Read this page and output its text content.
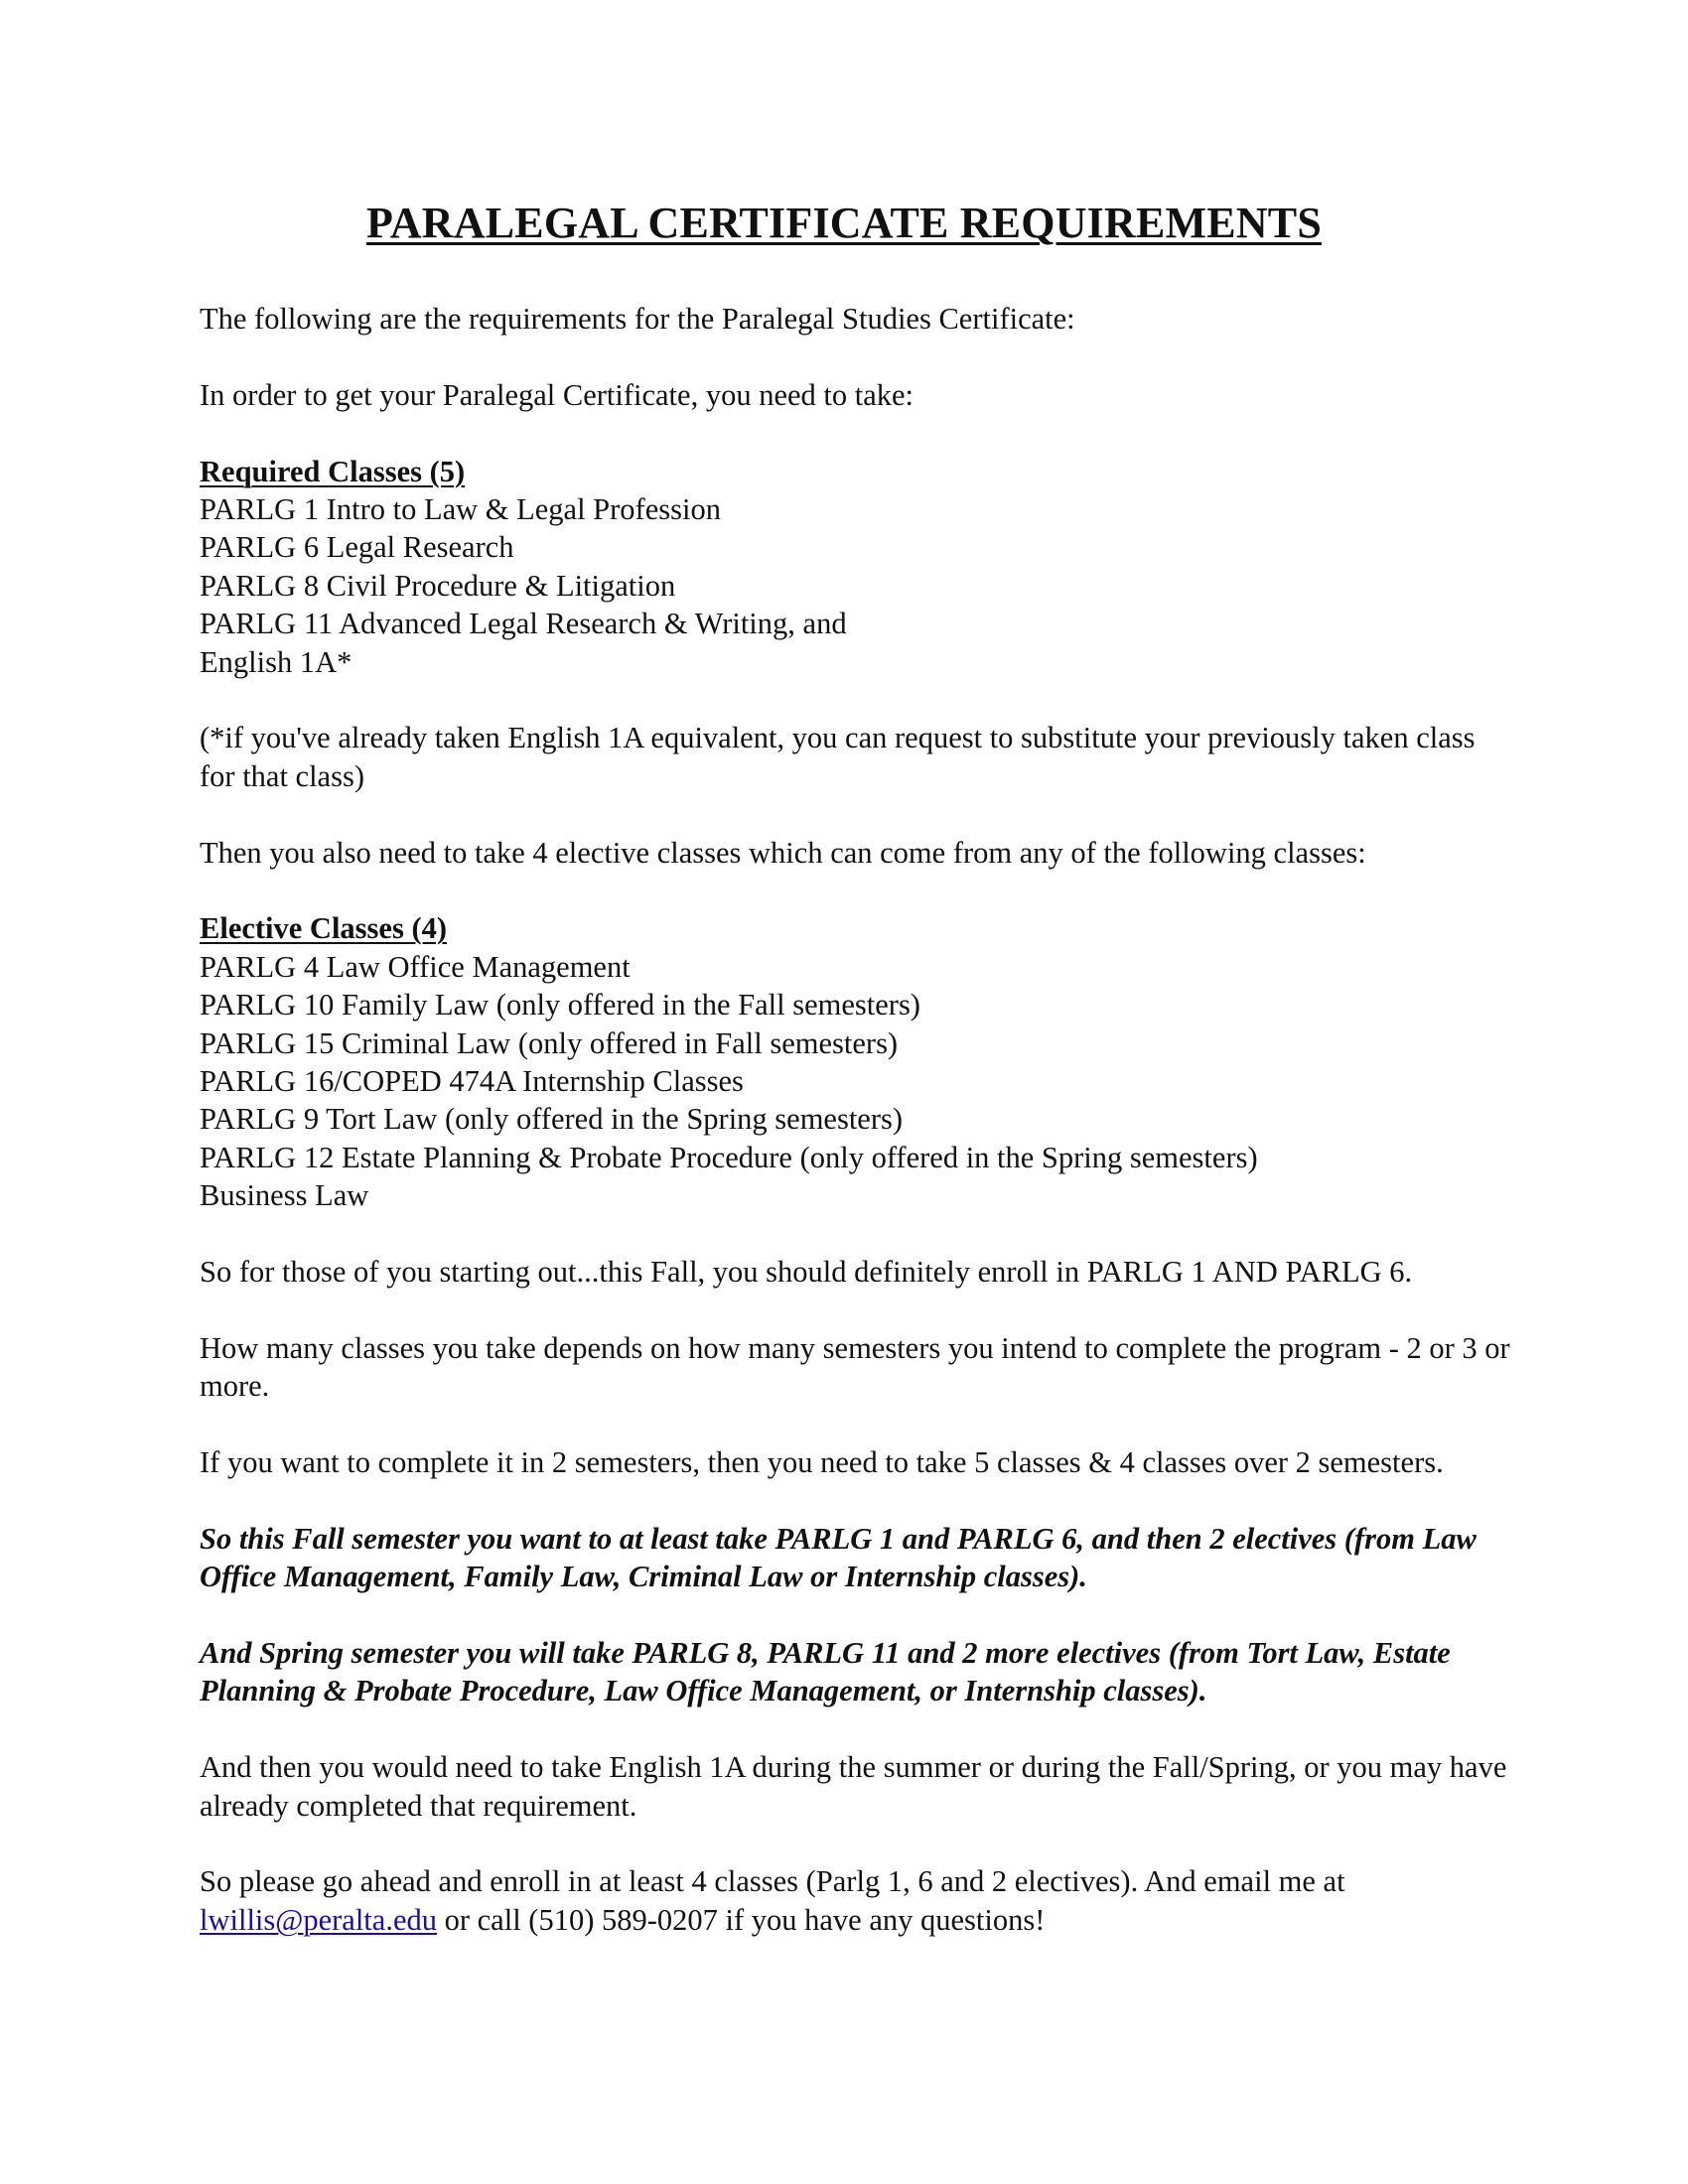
PARALEGAL CERTIFICATE REQUIREMENTS

The following are the requirements for the Paralegal Studies Certificate:

In order to get your Paralegal Certificate, you need to take:

Required Classes (5)

PARLG 1 Intro to Law & Legal Profession

PARLG 6 Legal Research

PARLG 8 Civil Procedure & Litigation

PARLG 11 Advanced Legal Research & Writing, and

English 1A*

(*if you've already taken English 1A equivalent, you can request to substitute your previously taken class for that class)

Then you also need to take 4 elective classes which can come from any of the following classes:

Elective Classes (4)

PARLG 4 Law Office Management

PARLG 10 Family Law (only offered in the Fall semesters)

PARLG 15 Criminal Law (only offered in Fall semesters)

PARLG 16/COPED 474A Internship Classes

PARLG 9 Tort Law (only offered in the Spring semesters)

PARLG 12 Estate Planning & Probate Procedure (only offered in the Spring semesters)

Business Law

So for those of you starting out...this Fall, you should definitely enroll in PARLG 1 AND PARLG 6.

How many classes you take depends on how many semesters you intend to complete the program - 2 or 3 or more.

If you want to complete it in 2 semesters, then you need to take 5 classes & 4 classes over 2 semesters.

So this Fall semester you want to at least take PARLG 1 and PARLG 6, and then 2 electives (from Law Office Management, Family Law, Criminal Law or Internship classes).

And Spring semester you will take PARLG 8, PARLG 11 and 2 more electives (from Tort Law, Estate Planning & Probate Procedure, Law Office Management, or Internship classes).

And then you would need to take English 1A during the summer or during the Fall/Spring, or you may have already completed that requirement.

So please go ahead and enroll in at least 4 classes (Parlg 1, 6 and 2 electives). And email me at lwillis@peralta.edu or call (510) 589-0207 if you have any questions!
